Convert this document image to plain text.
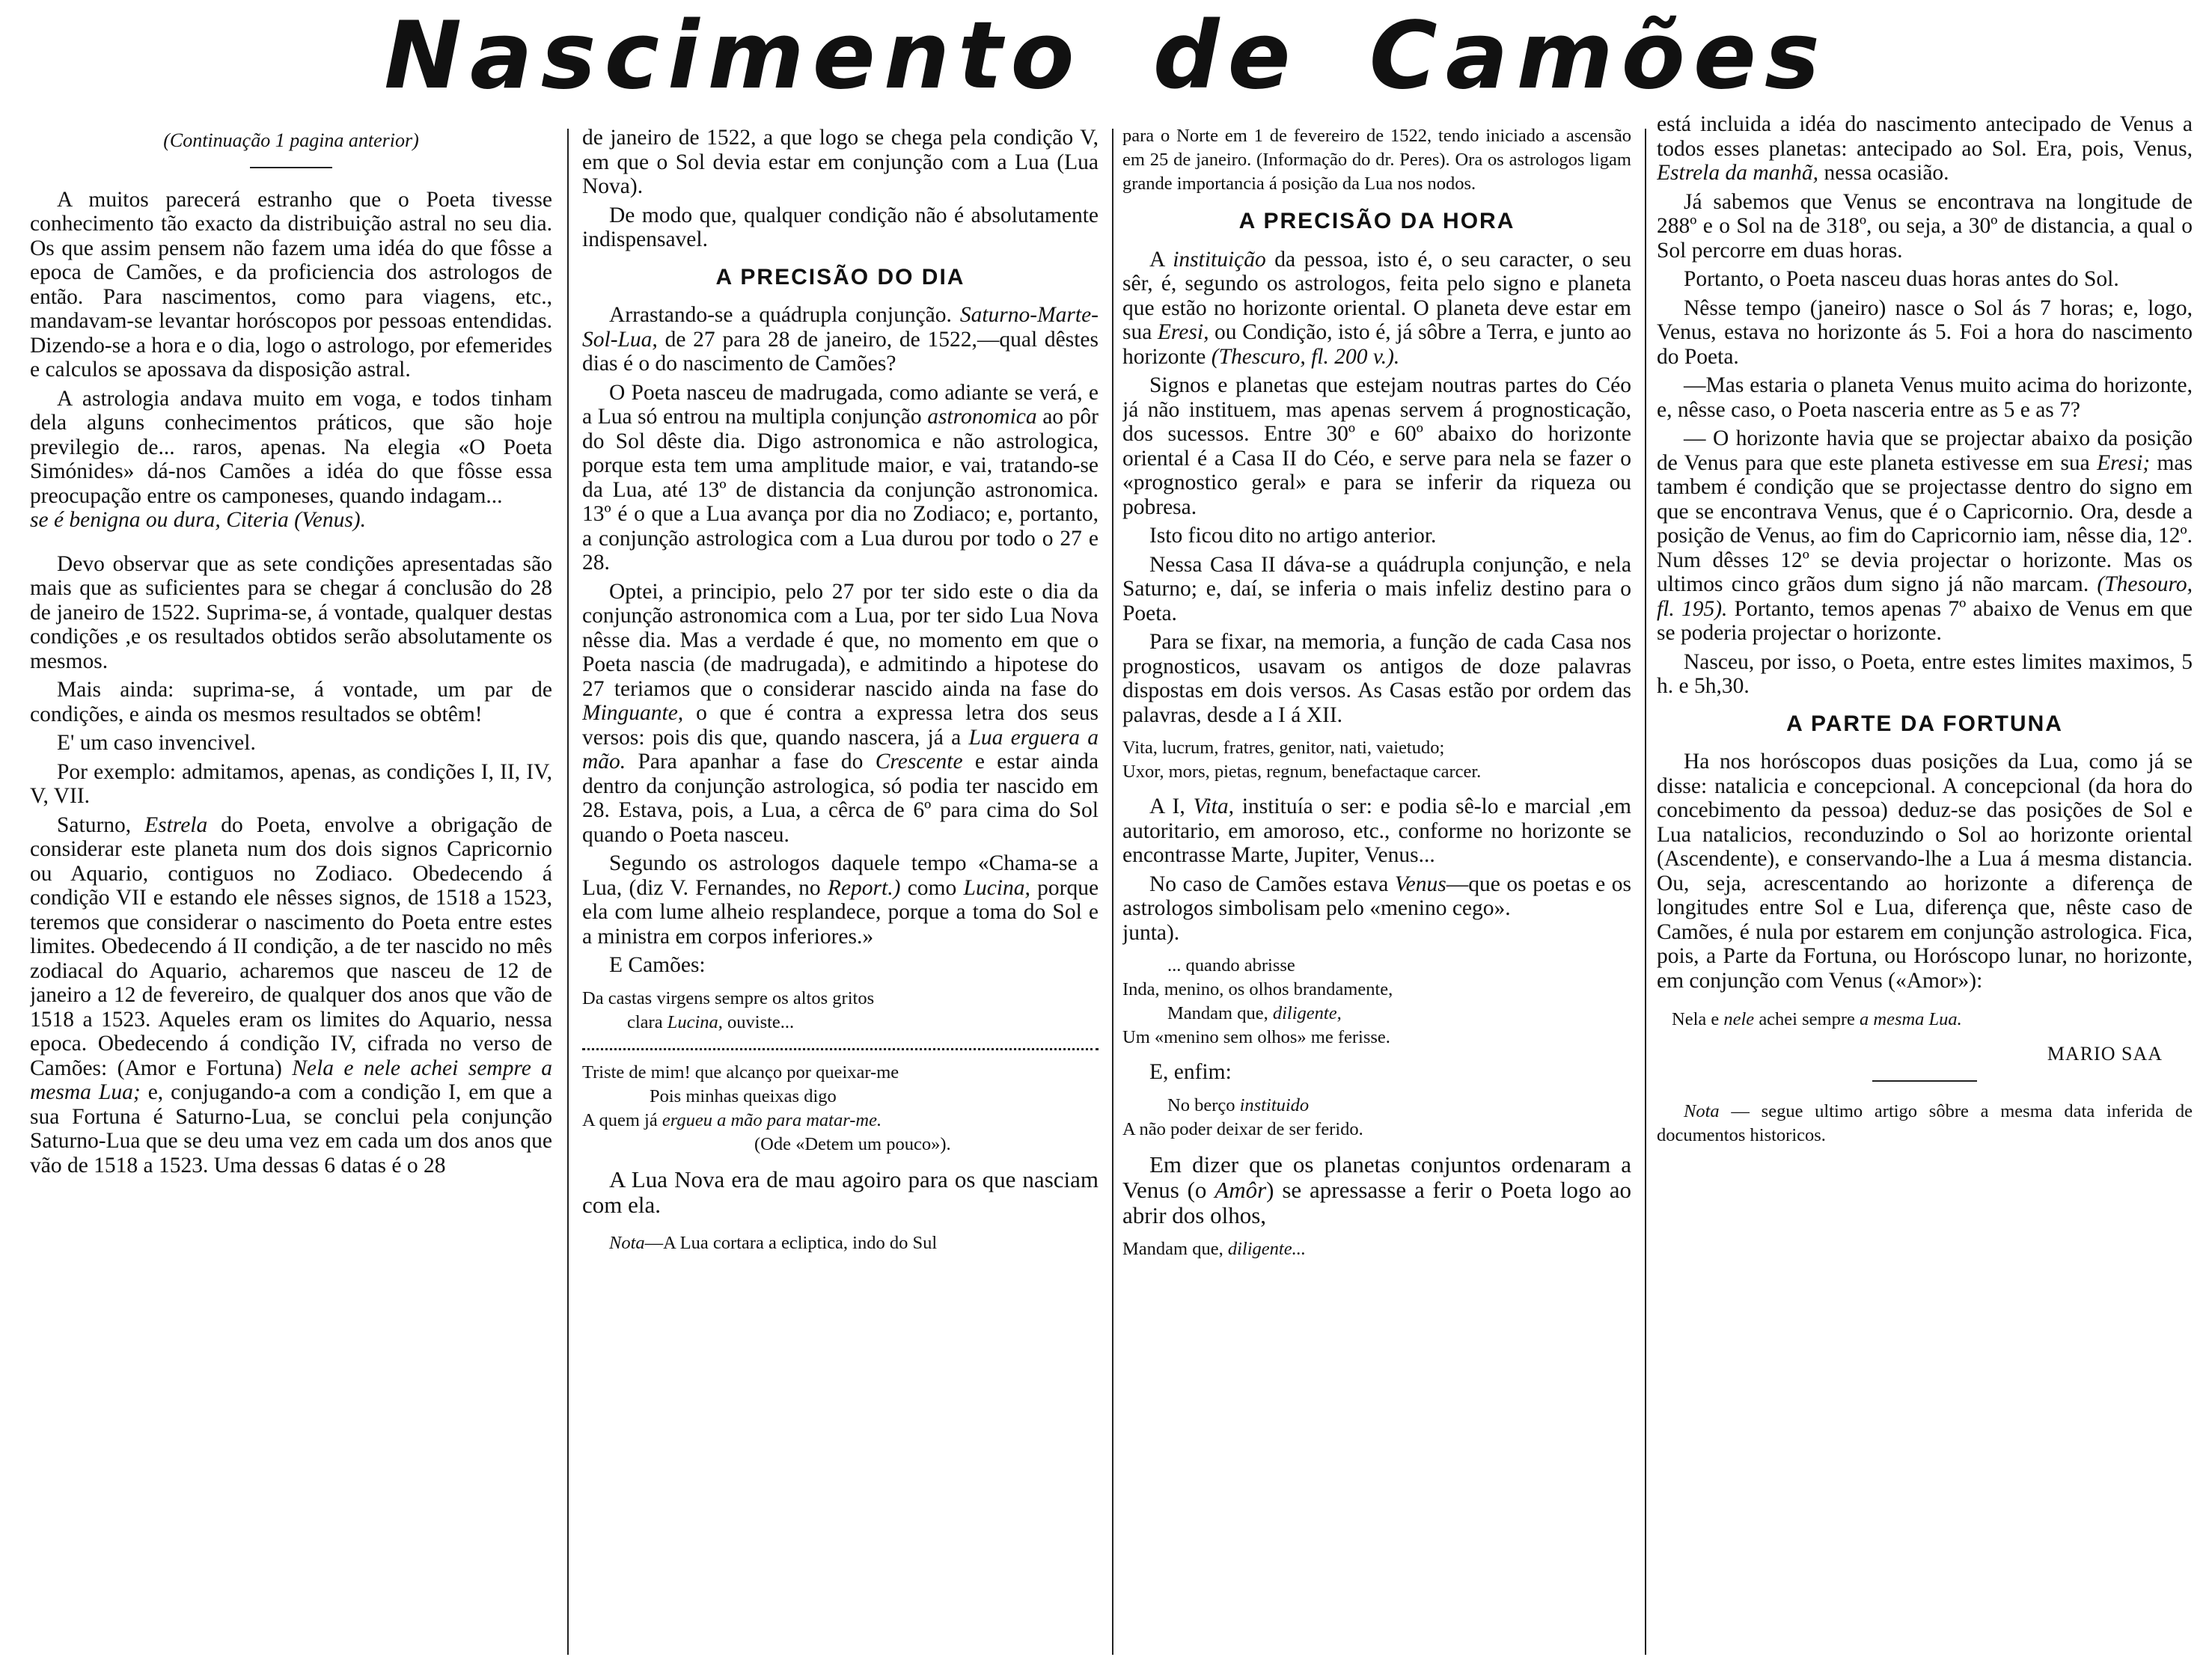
Nascimento de Camões

(Continuação 1 pagina anterior)

A muitos parecerá estranho que o Poeta tivesse conhecimento tão exacto da distribuição astral no seu dia. Os que assim pensem não fazem uma idéa do que fôsse a epoca de Camões, e da proficiencia dos astrologos de então. Para nascimentos, como para viagens, etc., mandavam-se levantar horóscopos por pessoas entendidas. Dizendo-se a hora e o dia, logo o astrologo, por efemerides e calculos se apossava da disposição astral.

A astrologia andava muito em voga, e todos tinham dela alguns conhecimentos práticos, que são hoje previlegio de... raros, apenas. Na elegia «O Poeta Simónides» dá-nos Camões a idéa do que fôsse essa preocupação entre os camponeses, quando indagam...
se é benigna ou dura, Citeria (Venus).

Devo observar que as sete condições apresentadas são mais que as suficientes para se chegar á conclusão do 28 de janeiro de 1522. Suprima-se, á vontade, qualquer destas condições ,e os resultados obtidos serão absolutamente os mesmos.

Mais ainda: suprima-se, á vontade, um par de condições, e ainda os mesmos resultados se obtêm!

E' um caso invencivel.

Por exemplo: admitamos, apenas, as condições I, II, IV, V, VII.

Saturno, Estrela do Poeta, envolve a obrigação de considerar este planeta num dos dois signos Capricornio ou Aquario, contiguos no Zodiaco. Obedecendo á condição VII e estando ele nêsses signos, de 1518 a 1523, teremos que considerar o nascimento do Poeta entre estes limites. Obedecendo á II condição, a de ter nascido no mês zodiacal do Aquario, acharemos que nasceu de 12 de janeiro a 12 de fevereiro, de qualquer dos anos que vão de 1518 a 1523. Aqueles eram os limites do Aquario, nessa epoca. Obedecendo á condição IV, cifrada no verso de Camões: (Amor e Fortuna) Nela e nele achei sempre a mesma Lua; e, conjugando-a com a condição I, em que a sua Fortuna é Saturno-Lua, se conclui pela conjunção Saturno-Lua que se deu uma vez em cada um dos anos que vão de 1518 a 1523. Uma dessas 6 datas é o 28

de janeiro de 1522, a que logo se chega pela condição V, em que o Sol devia estar em conjunção com a Lua (Lua Nova).

De modo que, qualquer condição não é absolutamente indispensavel.

A PRECISÃO DO DIA

Arrastando-se a quádrupla conjunção. Saturno-Marte-Sol-Lua, de 27 para 28 de janeiro, de 1522,—qual dêstes dias é o do nascimento de Camões?

O Poeta nasceu de madrugada, como adiante se verá, e a Lua só entrou na multipla conjunção astronomica ao pôr do Sol dêste dia. Digo astronomica e não astrologica, porque esta tem uma amplitude maior, e vai, tratando-se da Lua, até 13º de distancia da conjunção astronomica. 13º é o que a Lua avança por dia no Zodiaco; e, portanto, a conjunção astrologica com a Lua durou por todo o 27 e 28.

Optei, a principio, pelo 27 por ter sido este o dia da conjunção astronomica com a Lua, por ter sido Lua Nova nêsse dia. Mas a verdade é que, no momento em que o Poeta nascia (de madrugada), e admitindo a hipotese do 27 teriamos que o considerar nascido ainda na fase do Minguante, o que é contra a expressa letra dos seus versos: pois dis que, quando nascera, já a Lua erguera a mão. Para apanhar a fase do Crescente e estar ainda dentro da conjunção astrologica, só podia ter nascido em 28. Estava, pois, a Lua, a cêrca de 6º para cima do Sol quando o Poeta nasceu.

Segundo os astrologos daquele tempo «Chama-se a Lua, (diz V. Fernandes, no Report.) como Lucina, porque ela com lume alheio resplandece, porque a toma do Sol e a ministra em corpos inferiores.»

E Camões:

Da castas virgens sempre os altos gritos
clara Lucina, ouviste...
Triste de mim! que alcanço por queixar-me
Pois minhas queixas digo
A quem já ergueu a mão para matar-me.
(Ode «Detem um pouco»).

A Lua Nova era de mau agoiro para os que nasciam com ela.

Nota—A Lua cortara a ecliptica, indo do Sul

para o Norte em 1 de fevereiro de 1522, tendo iniciado a ascensão em 25 de janeiro. (Informação do dr. Peres). Ora os astrologos ligam grande importancia á posição da Lua nos nodos.

A PRECISÃO DA HORA

A instituição da pessoa, isto é, o seu caracter, o seu sêr, é, segundo os astrologos, feita pelo signo e planeta que estão no horizonte oriental. O planeta deve estar em sua Eresi, ou Condição, isto é, já sôbre a Terra, e junto ao horizonte (Thescuro, fl. 200 v.).

Signos e planetas que estejam noutras partes do Céo já não instituem, mas apenas servem á prognosticação, dos sucessos. Entre 30º e 60º abaixo do horizonte oriental é a Casa II do Céo, e serve para nela se fazer o «prognostico geral» e para se inferir da riqueza ou pobresa.

Isto ficou dito no artigo anterior.

Nessa Casa II dáva-se a quádrupla conjunção, e nela Saturno; e, daí, se inferia o mais infeliz destino para o Poeta.

Para se fixar, na memoria, a função de cada Casa nos prognosticos, usavam os antigos de doze palavras dispostas em dois versos. As Casas estão por ordem das palavras, desde a I á XII.

Vita, lucrum, fratres, genitor, nati, vaietudo;
Uxor, mors, pietas, regnum, benefactaque carcer.

A I, Vita, instituía o ser: e podia sê-lo e marcial ,em autoritario, em amoroso, etc., conforme no horizonte se encontrasse Marte, Jupiter, Venus...

No caso de Camões estava Venus—que os poetas e os astrologos simbolisam pelo «menino cego».
junta).

... quando abrisse
Inda, menino, os olhos brandamente,
Mandam que, diligente,
Um «menino sem olhos» me ferisse.

E, enfim:

No berço instituido
A não poder deixar de ser ferido.

Em dizer que os planetas conjuntos ordenaram a Venus (o Amôr) se apressasse a ferir o Poeta logo ao abrir dos olhos,

Mandam que, diligente...

está incluida a idéa do nascimento antecipado de Venus a todos esses planetas: antecipado ao Sol. Era, pois, Venus, Estrela da manhã, nessa ocasião.

Já sabemos que Venus se encontrava na longitude de 288º e o Sol na de 318º, ou seja, a 30º de distancia, a qual o Sol percorre em duas horas.

Portanto, o Poeta nasceu duas horas antes do Sol.

Nêsse tempo (janeiro) nasce o Sol ás 7 horas; e, logo, Venus, estava no horizonte ás 5. Foi a hora do nascimento do Poeta.

—Mas estaria o planeta Venus muito acima do horizonte, e, nêsse caso, o Poeta nasceria entre as 5 e as 7?

— O horizonte havia que se projectar abaixo da posição de Venus para que este planeta estivesse em sua Eresi; mas tambem é condição que se projectasse dentro do signo em que se encontrava Venus, que é o Capricornio. Ora, desde a posição de Venus, ao fim do Capricornio iam, nêsse dia, 12º. Num dêsses 12º se devia projectar o horizonte. Mas os ultimos cinco grãos dum signo já não marcam. (Thesouro, fl. 195). Portanto, temos apenas 7º abaixo de Venus em que se poderia projectar o horizonte.

Nasceu, por isso, o Poeta, entre estes limites maximos, 5 h. e 5h,30.

A PARTE DA FORTUNA

Ha nos horóscopos duas posições da Lua, como já se disse: natalicia e concepcional. A concepcional (da hora do concebimento da pessoa) deduz-se das posições de Sol e Lua natalicios, reconduzindo o Sol ao horizonte oriental (Ascendente), e conservando-lhe a Lua á mesma distancia. Ou, seja, acrescentando ao horizonte a diferença de longitudes entre Sol e Lua, diferença que, nêste caso de Camões, é nula por estarem em conjunção astrologica. Fica, pois, a Parte da Fortuna, ou Horóscopo lunar, no horizonte, em conjunção com Venus («Amor»):

Nela e nele achei sempre a mesma Lua.

MARIO SAA

Nota — segue ultimo artigo sôbre a mesma data inferida de documentos historicos.
